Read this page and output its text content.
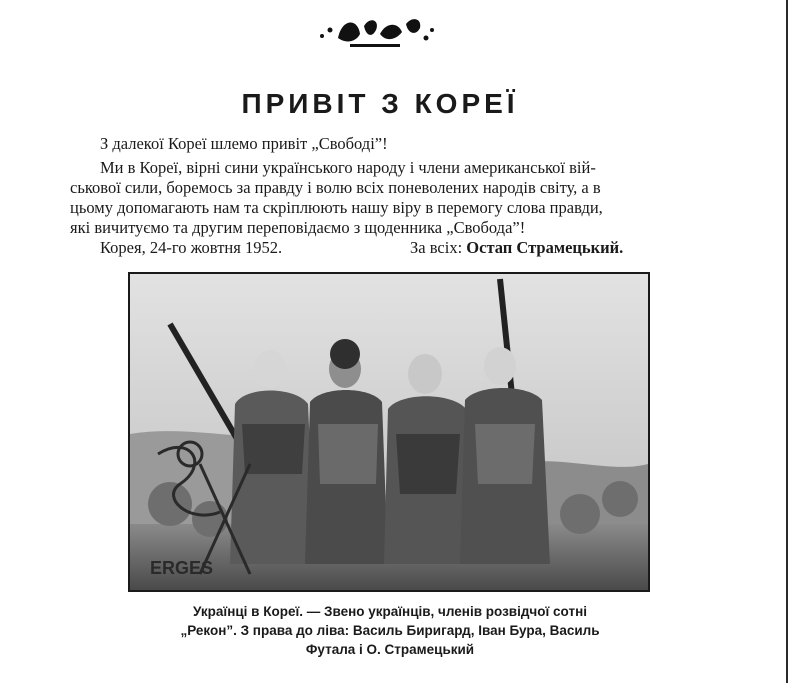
ПРИВІТ З КОРЕЇ
З далекої Кореї шлемо привіт „Свободі”!
Ми в Кореї, вірні сини українського народу і члени американської вій-
ськової сили, боремось за правду і волю всіх поневолених народів світу, а в
цьому допомагають нам та скріплюють нашу віру в перемогу слова правди,
які вичитуємо та другим переповідаємо з щоденника „Свобода”!
Корея, 24-го жовтня 1952.	За всіх: Остап Страмецький.
ERGES
Українці в Кореї. — Звено українців, членів розвідчої сотні
„Рекон”. З права до ліва: Василь Биригард, Іван Бура, Василь
Футала і О. Страмецький
